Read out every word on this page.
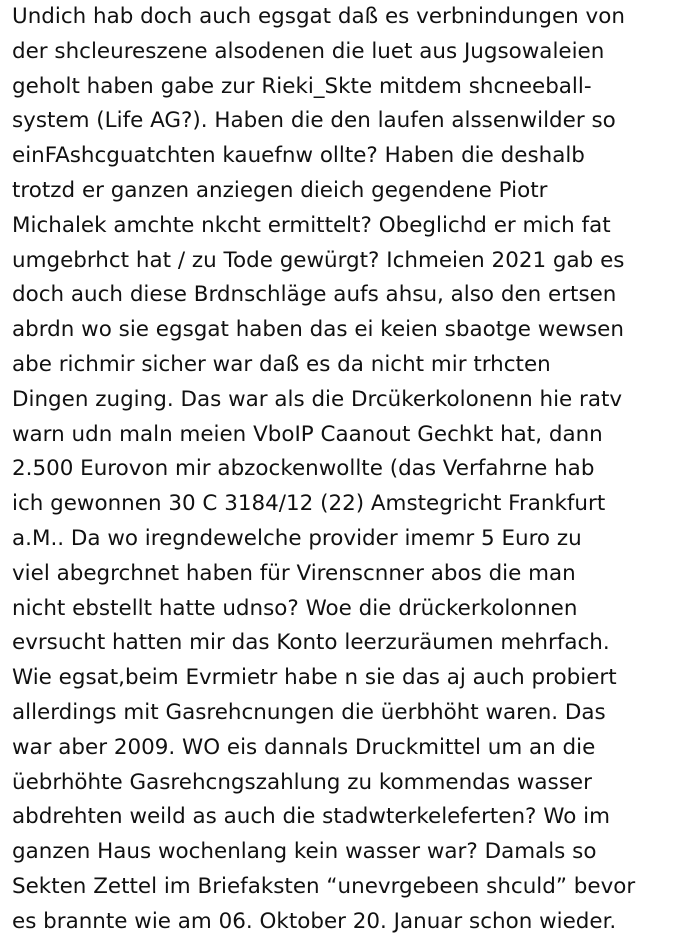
Undich hab doch auch egsgat daß es verbnindungen von
der shcleureszene alsodenen die luet aus Jugsowaleien
geholt haben gabe zur Rieki_Skte mitdem shcneeball-
system (Life AG?). Haben die den laufen alssenwilder so
einFAshcguatchten kauefnw ollte? Haben die deshalb
trotzd er ganzen anziegen dieich gegendene Piotr
Michalek amchte nkcht ermittelt? Obeglichd er mich fat
umgebrhct hat / zu Tode gewürgt? Ichmeien 2021 gab es
doch auch diese Brdnschläge aufs ahsu, also den ertsen
abrdn wo sie egsgat haben das ei keien sbaotge wewsen
abe richmir sicher war daß es da nicht mir trhcten
Dingen zuging. Das war als die Drcükerkolonenn hie ratv
warn udn maln meien VboIP Caanout Gechkt hat, dann
2.500 Eurovon mir abzockenwollte (das Verfahrne hab
ich gewonnen 30 C 3184/12 (22) Amstegricht Frankfurt
a.M.. Da wo iregndewelche provider imemr 5 Euro zu
viel abegrchnet haben für Virenscnner abos die man
nicht ebstellt hatte udnso? Woe die drückerkolonnen
evrsucht hatten mir das Konto leerzuräumen mehrfach.
Wie egsat,beim Evrmietr habe n sie das aj auch probiert
allerdings mit Gasrehcnungen die üerbhöht waren. Das
war aber 2009. WO eis dannals Druckmittel um an die
üebrhöhte Gasrehcngszahlung zu kommendas wasser
abdrehten weild as auch die stadwterkeleferten? Wo im
ganzen Haus wochenlang kein wasser war? Damals so
Sekten Zettel im Briefaksten “unevrgebeen shculd” bevor
es brannte wie am 06. Oktober 20. Januar schon wieder.
